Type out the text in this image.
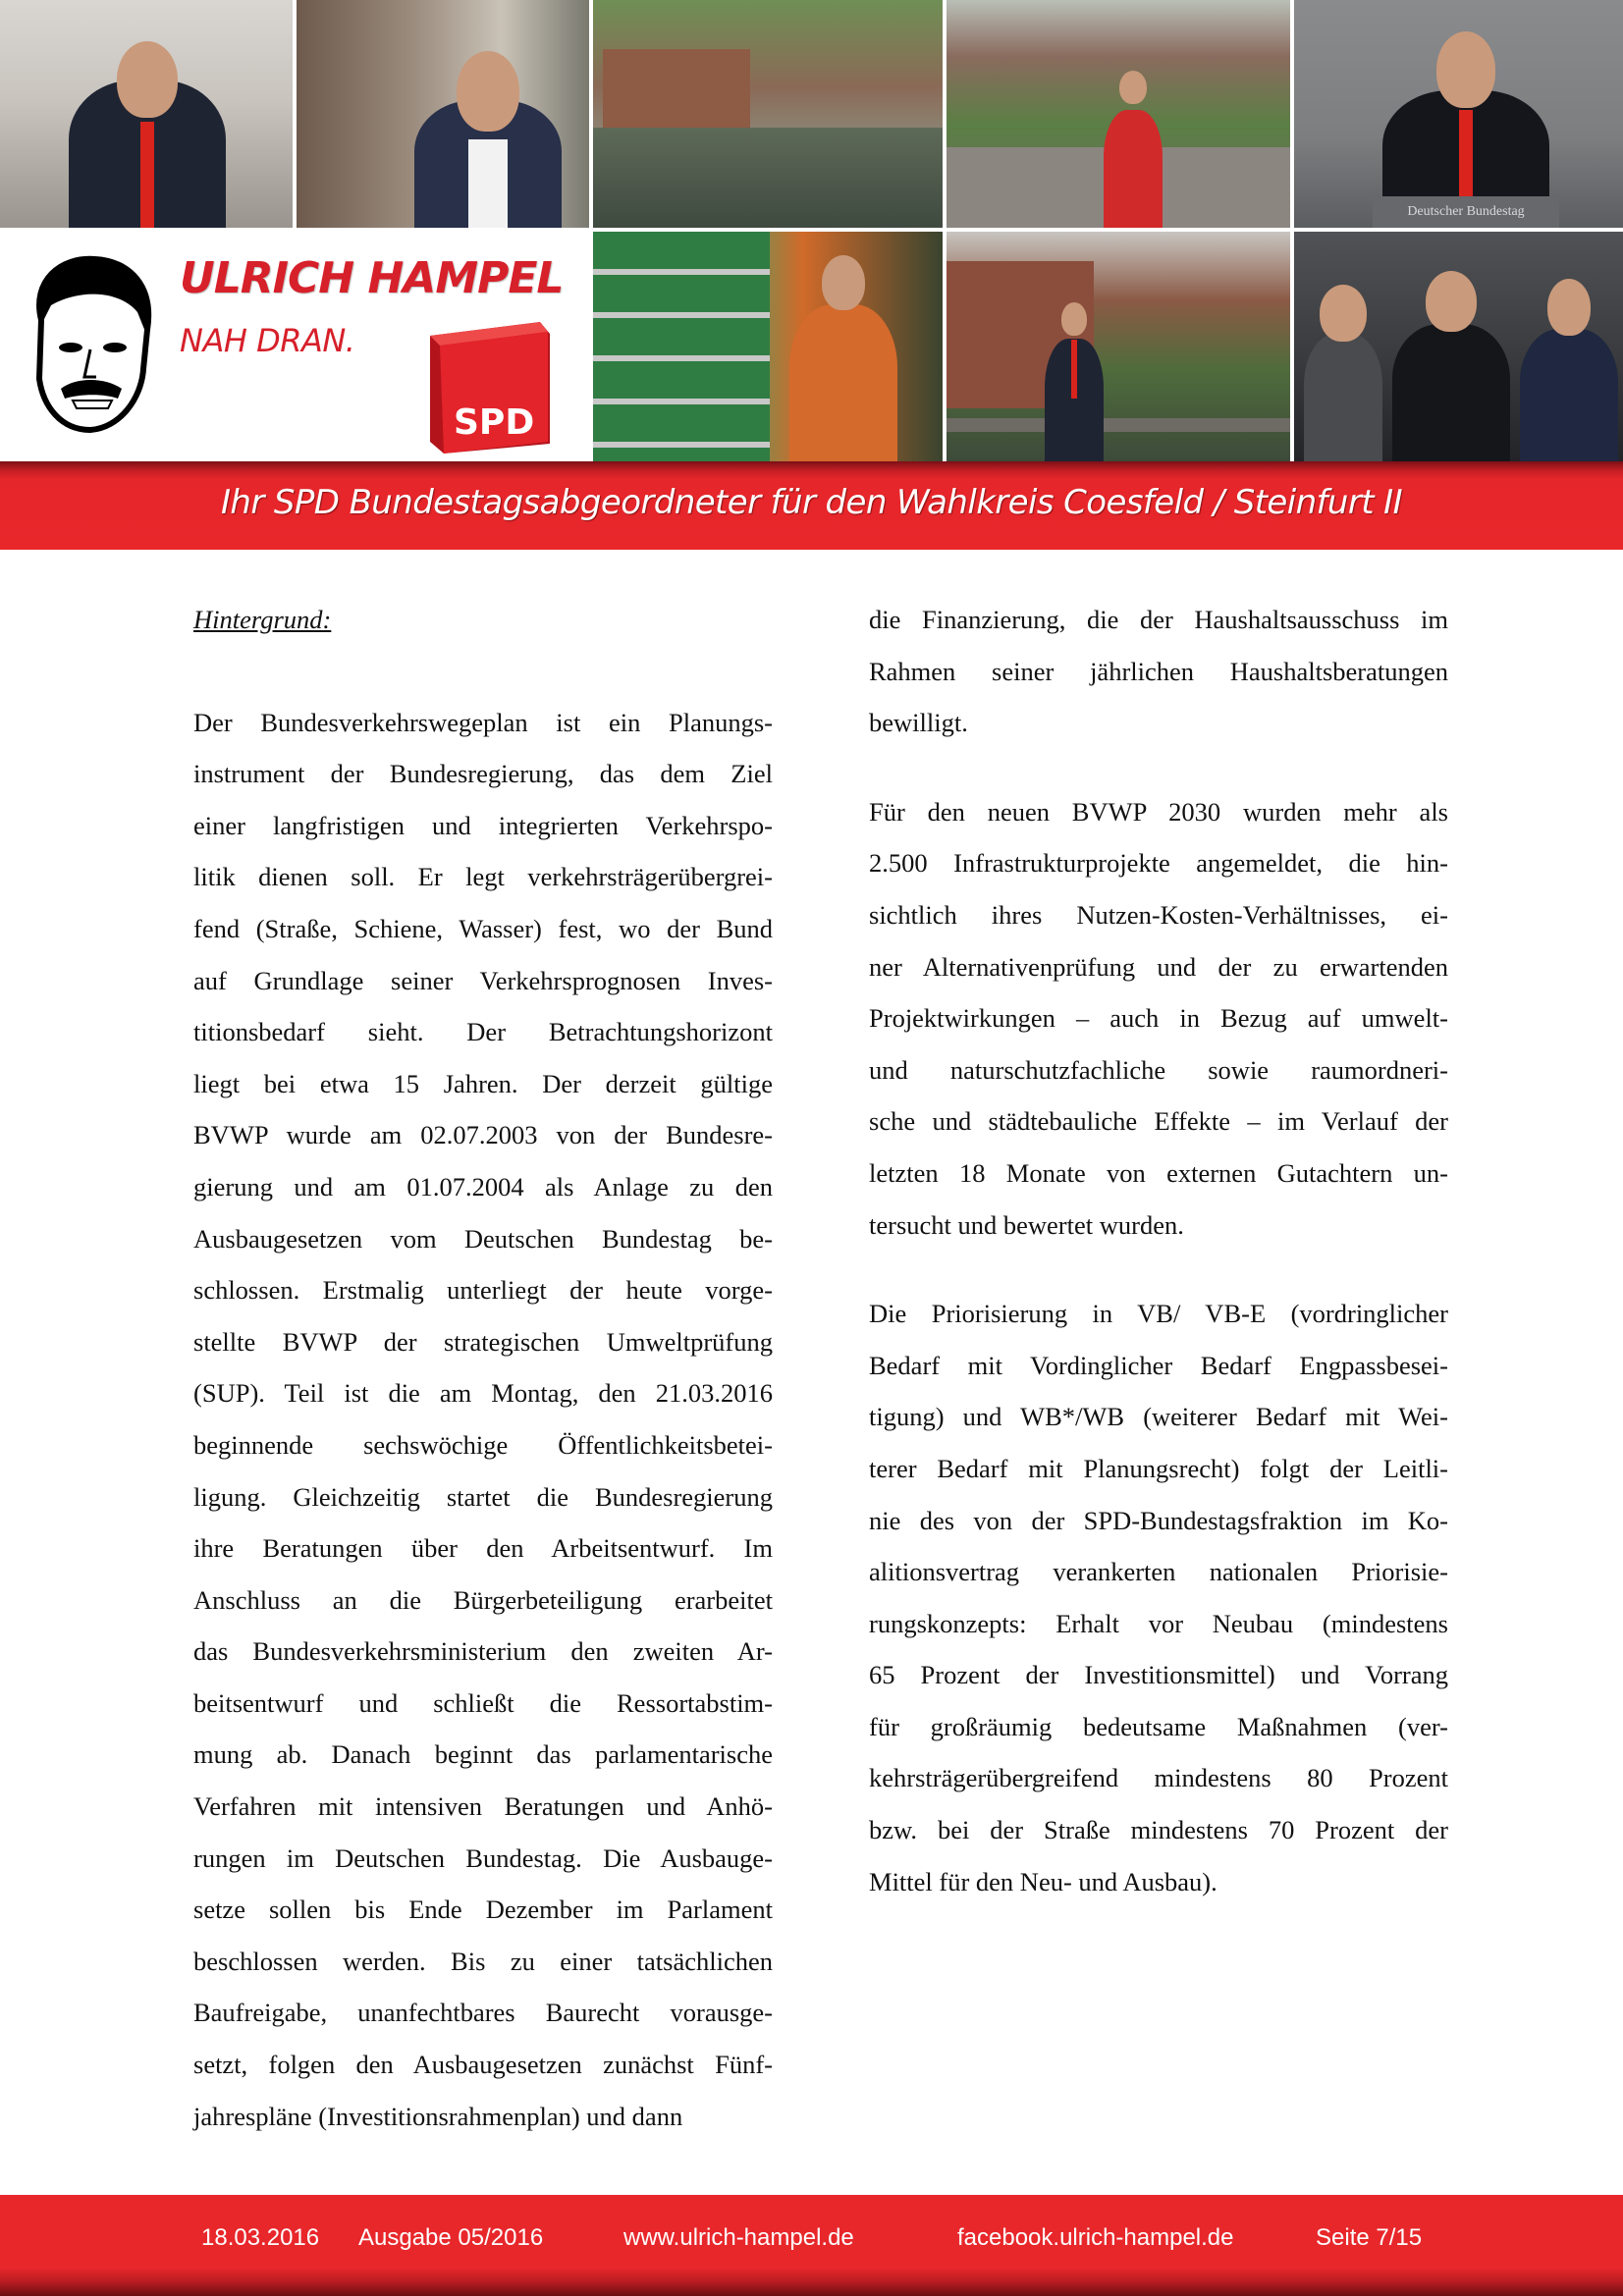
Deutscher Bundestag
ULRICH HAMPEL
NAH DRAN.
SPD
Ihr SPD Bundestagsabgeordneter für den Wahlkreis Coesfeld / Steinfurt II
Hintergrund:

Der Bundesverkehrswegeplan ist ein Planungs-
instrument der Bundesregierung, das dem Ziel
einer langfristigen und integrierten Verkehrspo-
litik dienen soll. Er legt verkehrsträgerübergrei-
fend (Straße, Schiene, Wasser) fest, wo der Bund
auf Grundlage seiner Verkehrsprognosen Inves-
titionsbedarf sieht. Der Betrachtungshorizont
liegt bei etwa 15 Jahren. Der derzeit gültige
BVWP wurde am 02.07.2003 von der Bundesre-
gierung und am 01.07.2004 als Anlage zu den
Ausbaugesetzen vom Deutschen Bundestag be-
schlossen. Erstmalig unterliegt der heute vorge-
stellte BVWP der strategischen Umweltprüfung
(SUP). Teil ist die am Montag, den 21.03.2016
beginnende sechswöchige Öffentlichkeitsbetei-
ligung. Gleichzeitig startet die Bundesregierung
ihre Beratungen über den Arbeitsentwurf. Im
Anschluss an die Bürgerbeteiligung erarbeitet
das Bundesverkehrsministerium den zweiten Ar-
beitsentwurf und schließt die Ressortabstim-
mung ab. Danach beginnt das parlamentarische
Verfahren mit intensiven Beratungen und Anhö-
rungen im Deutschen Bundestag. Die Ausbauge-
setze sollen bis Ende Dezember im Parlament
beschlossen werden. Bis zu einer tatsächlichen
Baufreigabe, unanfechtbares Baurecht vorausge-
setzt, folgen den Ausbaugesetzen zunächst Fünf-
jahrespläne (Investitionsrahmenplan) und dann

die Finanzierung, die der Haushaltsausschuss im
Rahmen seiner jährlichen Haushaltsberatungen
bewilligt.

Für den neuen BVWP 2030 wurden mehr als
2.500 Infrastrukturprojekte angemeldet, die hin-
sichtlich ihres Nutzen-Kosten-Verhältnisses, ei-
ner Alternativenprüfung und der zu erwartenden
Projektwirkungen – auch in Bezug auf umwelt-
und naturschutzfachliche sowie raumordneri-
sche und städtebauliche Effekte – im Verlauf der
letzten 18 Monate von externen Gutachtern un-
tersucht und bewertet wurden.

Die Priorisierung in VB/ VB-E (vordringlicher
Bedarf mit Vordinglicher Bedarf Engpassbesei-
tigung) und WB*/WB (weiterer Bedarf mit Wei-
terer Bedarf mit Planungsrecht) folgt der Leitli-
nie des von der SPD-Bundestagsfraktion im Ko-
alitionsvertrag verankerten nationalen Priorisie-
rungskonzepts: Erhalt vor Neubau (mindestens
65 Prozent der Investitionsmittel) und Vorrang
für großräumig bedeutsame Maßnahmen (ver-
kehrsträgerübergreifend mindestens 80 Prozent
bzw. bei der Straße mindestens 70 Prozent der
Mittel für den Neu- und Ausbau).

18.03.2016	Ausgabe 05/2016	www.ulrich-hampel.de	facebook.ulrich-hampel.de	Seite 7/15
